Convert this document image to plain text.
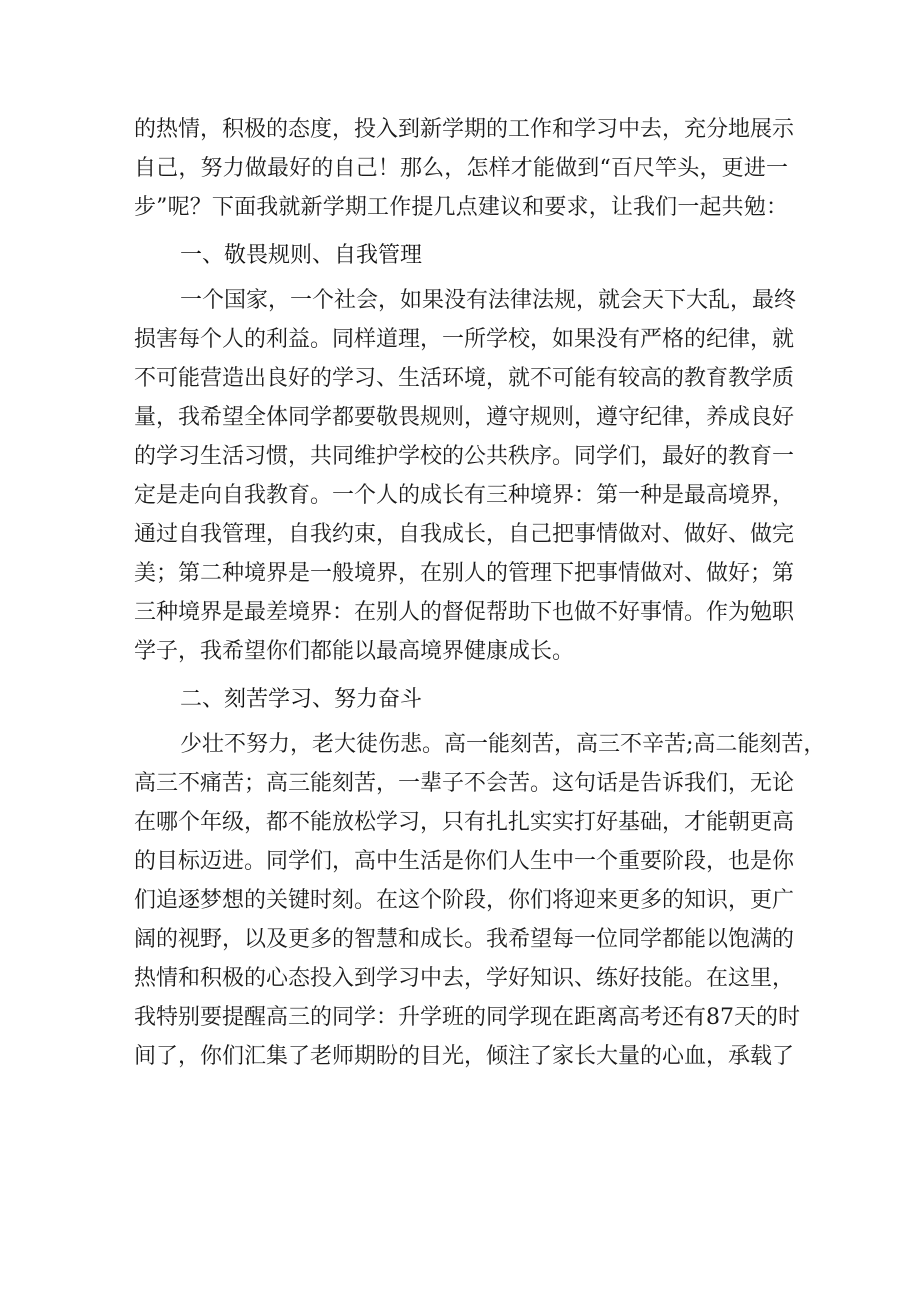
的热情，积极的态度，投入到新学期的工作和学习中去，充分地展示
自己，努力做最好的自己！那么，怎样才能做到“百尺竿头，更进一
步”呢？下面我就新学期工作提几点建议和要求，让我们一起共勉：
一、敬畏规则、自我管理
一个国家，一个社会，如果没有法律法规，就会天下大乱，最终
损害每个人的利益。同样道理，一所学校，如果没有严格的纪律，就
不可能营造出良好的学习、生活环境，就不可能有较高的教育教学质
量，我希望全体同学都要敬畏规则，遵守规则，遵守纪律，养成良好
的学习生活习惯，共同维护学校的公共秩序。同学们，最好的教育一
定是走向自我教育。一个人的成长有三种境界：第一种是最高境界，
通过自我管理，自我约束，自我成长，自己把事情做对、做好、做完
美；第二种境界是一般境界，在别人的管理下把事情做对、做好；第
三种境界是最差境界：在别人的督促帮助下也做不好事情。作为勉职
学子，我希望你们都能以最高境界健康成长。
二、刻苦学习、努力奋斗
少壮不努力，老大徒伤悲。高一能刻苦，高三不辛苦;高二能刻苦，
高三不痛苦；高三能刻苦，一辈子不会苦。这句话是告诉我们，无论
在哪个年级，都不能放松学习，只有扎扎实实打好基础，才能朝更高
的目标迈进。同学们，高中生活是你们人生中一个重要阶段，也是你
们追逐梦想的关键时刻。在这个阶段，你们将迎来更多的知识，更广
阔的视野，以及更多的智慧和成长。我希望每一位同学都能以饱满的
热情和积极的心态投入到学习中去，学好知识、练好技能。在这里，
我特别要提醒高三的同学：升学班的同学现在距离高考还有87天的时
间了，你们汇集了老师期盼的目光，倾注了家长大量的心血，承载了
